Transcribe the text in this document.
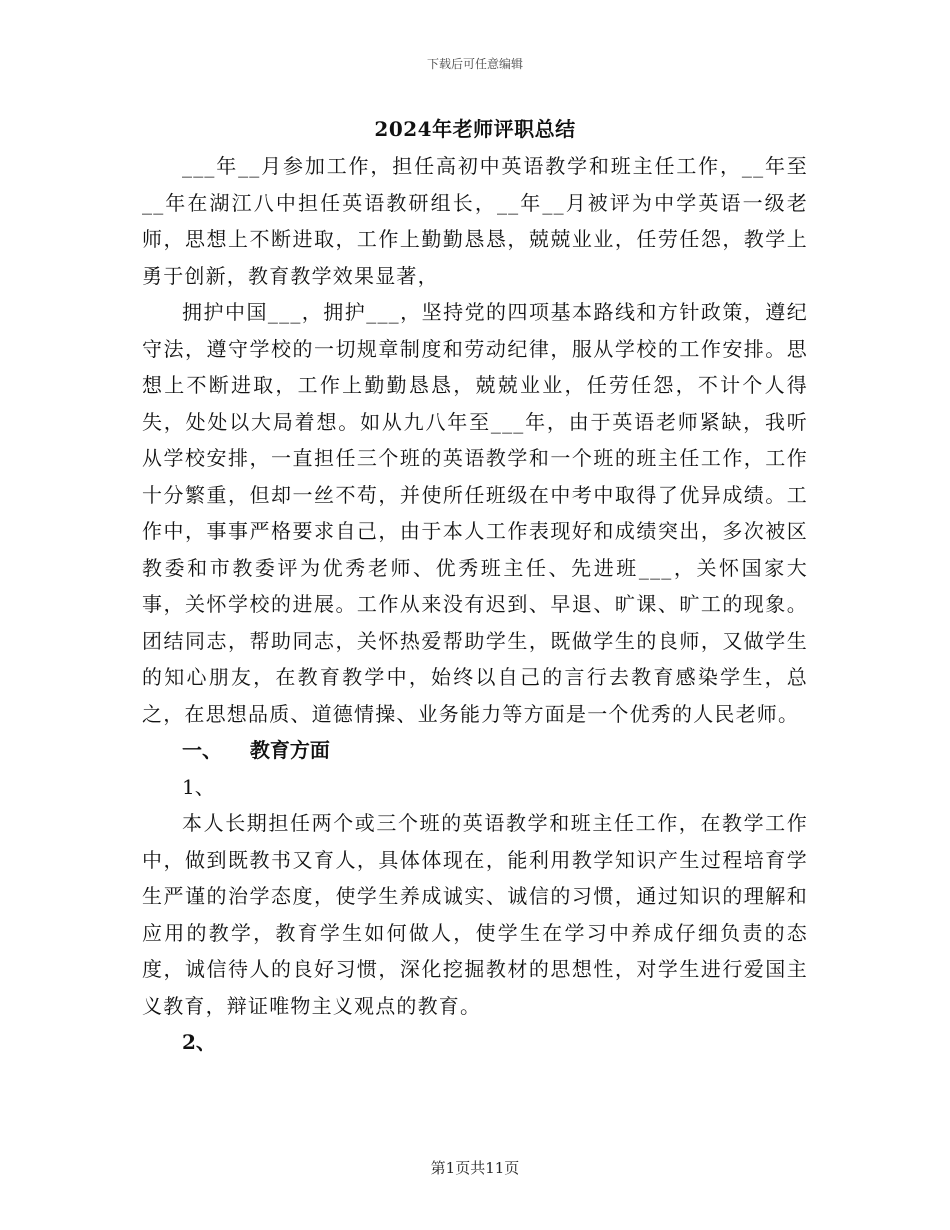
下载后可任意编辑
2024年老师评职总结

___年__月参加工作，担任高初中英语教学和班主任工作，__年至__年在湖江八中担任英语教研组长，__年__月被评为中学英语一级老师，思想上不断进取，工作上勤勤恳恳，兢兢业业，任劳任怨，教学上勇于创新，教育教学效果显著，

拥护中国___，拥护___，坚持党的四项基本路线和方针政策，遵纪守法，遵守学校的一切规章制度和劳动纪律，服从学校的工作安排。思想上不断进取，工作上勤勤恳恳，兢兢业业，任劳任怨，不计个人得失，处处以大局着想。如从九八年至___年，由于英语老师紧缺，我听从学校安排，一直担任三个班的英语教学和一个班的班主任工作，工作十分繁重，但却一丝不苟，并使所任班级在中考中取得了优异成绩。工作中，事事严格要求自己，由于本人工作表现好和成绩突出，多次被区教委和市教委评为优秀老师、优秀班主任、先进班___，关怀国家大事，关怀学校的进展。工作从来没有迟到、早退、旷课、旷工的现象。团结同志，帮助同志，关怀热爱帮助学生，既做学生的良师，又做学生的知心朋友，在教育教学中，始终以自己的言行去教育感染学生，总之，在思想品质、道德情操、业务能力等方面是一个优秀的人民老师。

一、    教育方面

1、

本人长期担任两个或三个班的英语教学和班主任工作，在教学工作中，做到既教书又育人，具体体现在，能利用教学知识产生过程培育学生严谨的治学态度，使学生养成诚实、诚信的习惯，通过知识的理解和应用的教学，教育学生如何做人，使学生在学习中养成仔细负责的态度，诚信待人的良好习惯，深化挖掘教材的思想性，对学生进行爱国主义教育，辩证唯物主义观点的教育。

2、

第1页共11页
